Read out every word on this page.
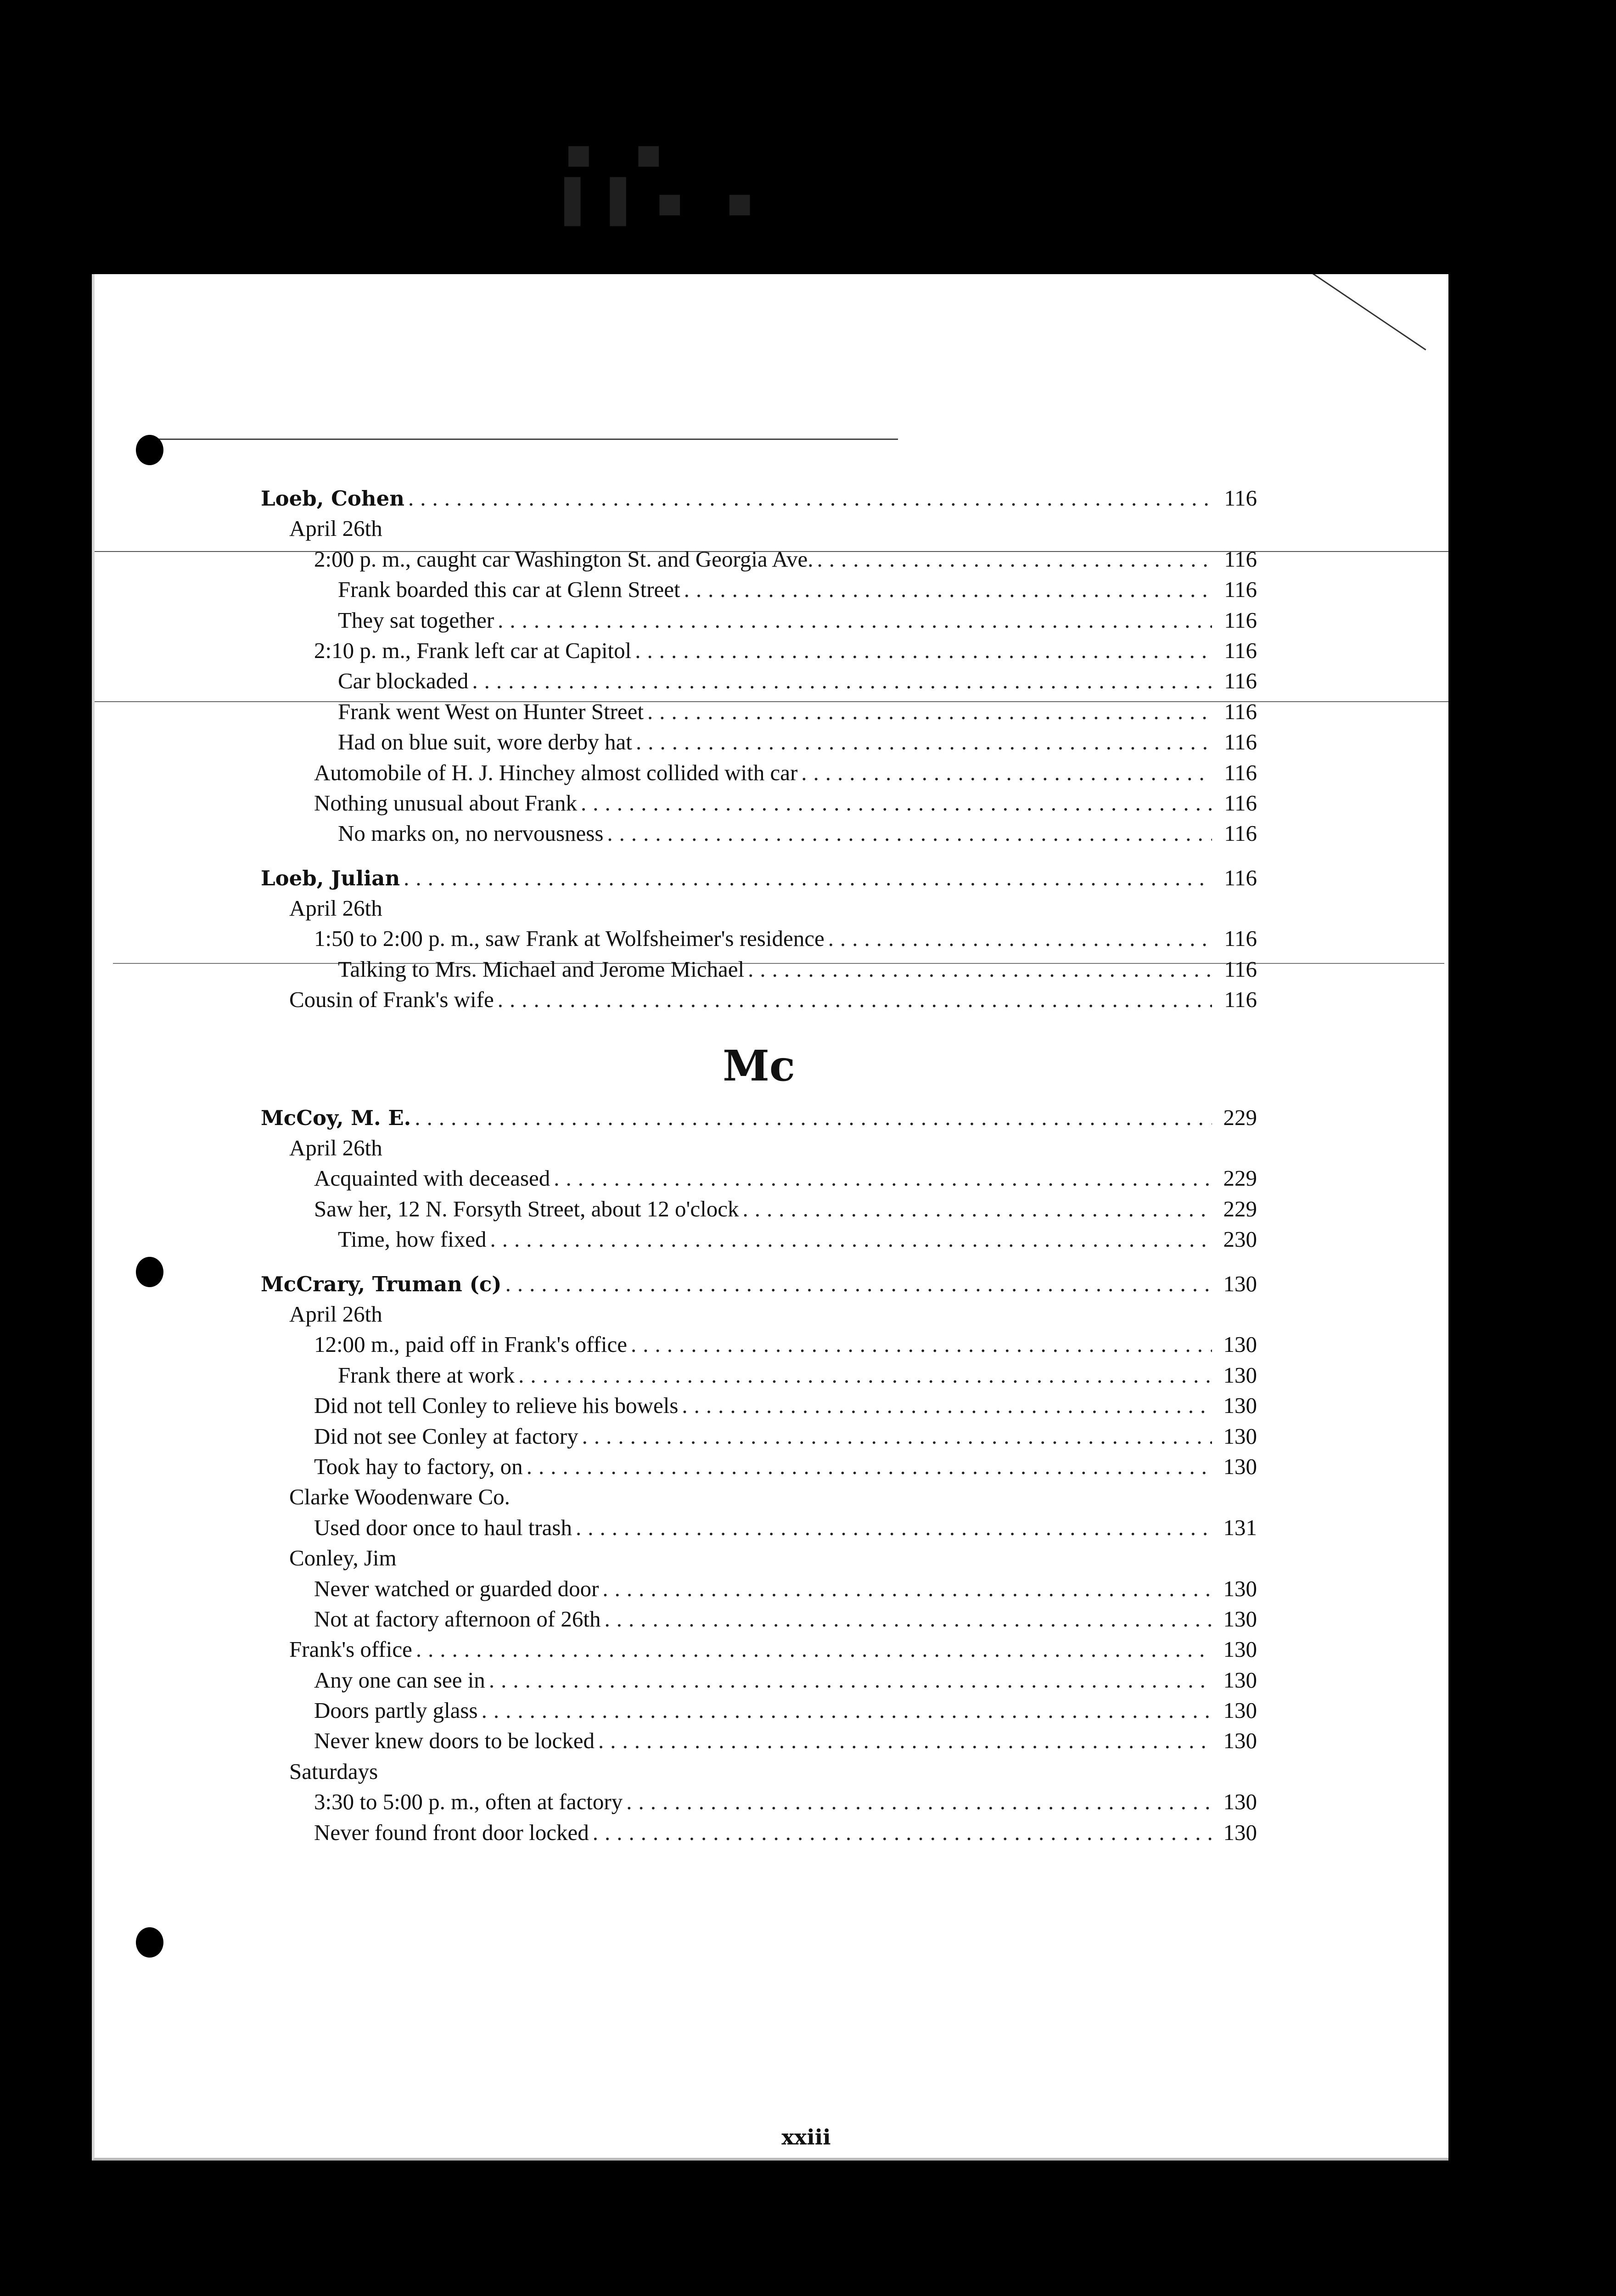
▪ ▪ ▌▌▪ ▪
Loeb, Cohen .....	116
April 26th
2:00 p. m., caught car Washington St. and Georgia Ave. .....	116
Frank boarded this car at Glenn Street .....	116
They sat together .....	116
2:10 p. m., Frank left car at Capitol .....	116
Car blockaded .....	116
Frank went West on Hunter Street .....	116
Had on blue suit, wore derby hat .....	116
Automobile of H. J. Hinchey almost collided with car .....	116
Nothing unusual about Frank .....	116
No marks on, no nervousness .....	116
Loeb, Julian .....	116
April 26th
1:50 to 2:00 p. m., saw Frank at Wolfsheimer's residence .....	116
Talking to Mrs. Michael and Jerome Michael .....	116
Cousin of Frank's wife .....	116
Mc
McCoy, M. E. .....	229
April 26th
Acquainted with deceased .....	229
Saw her, 12 N. Forsyth Street, about 12 o'clock .....	229
Time, how fixed .....	230
McCrary, Truman (c) .....	130
April 26th
12:00 m., paid off in Frank's office .....	130
Frank there at work .....	130
Did not tell Conley to relieve his bowels .....	130
Did not see Conley at factory .....	130
Took hay to factory, on .....	130
Clarke Woodenware Co.
Used door once to haul trash .....	131
Conley, Jim
Never watched or guarded door .....	130
Not at factory afternoon of 26th .....	130
Frank's office .....	130
Any one can see in .....	130
Doors partly glass .....	130
Never knew doors to be locked .....	130
Saturdays
3:30 to 5:00 p. m., often at factory .....	130
Never found front door locked .....	130
xxiii
